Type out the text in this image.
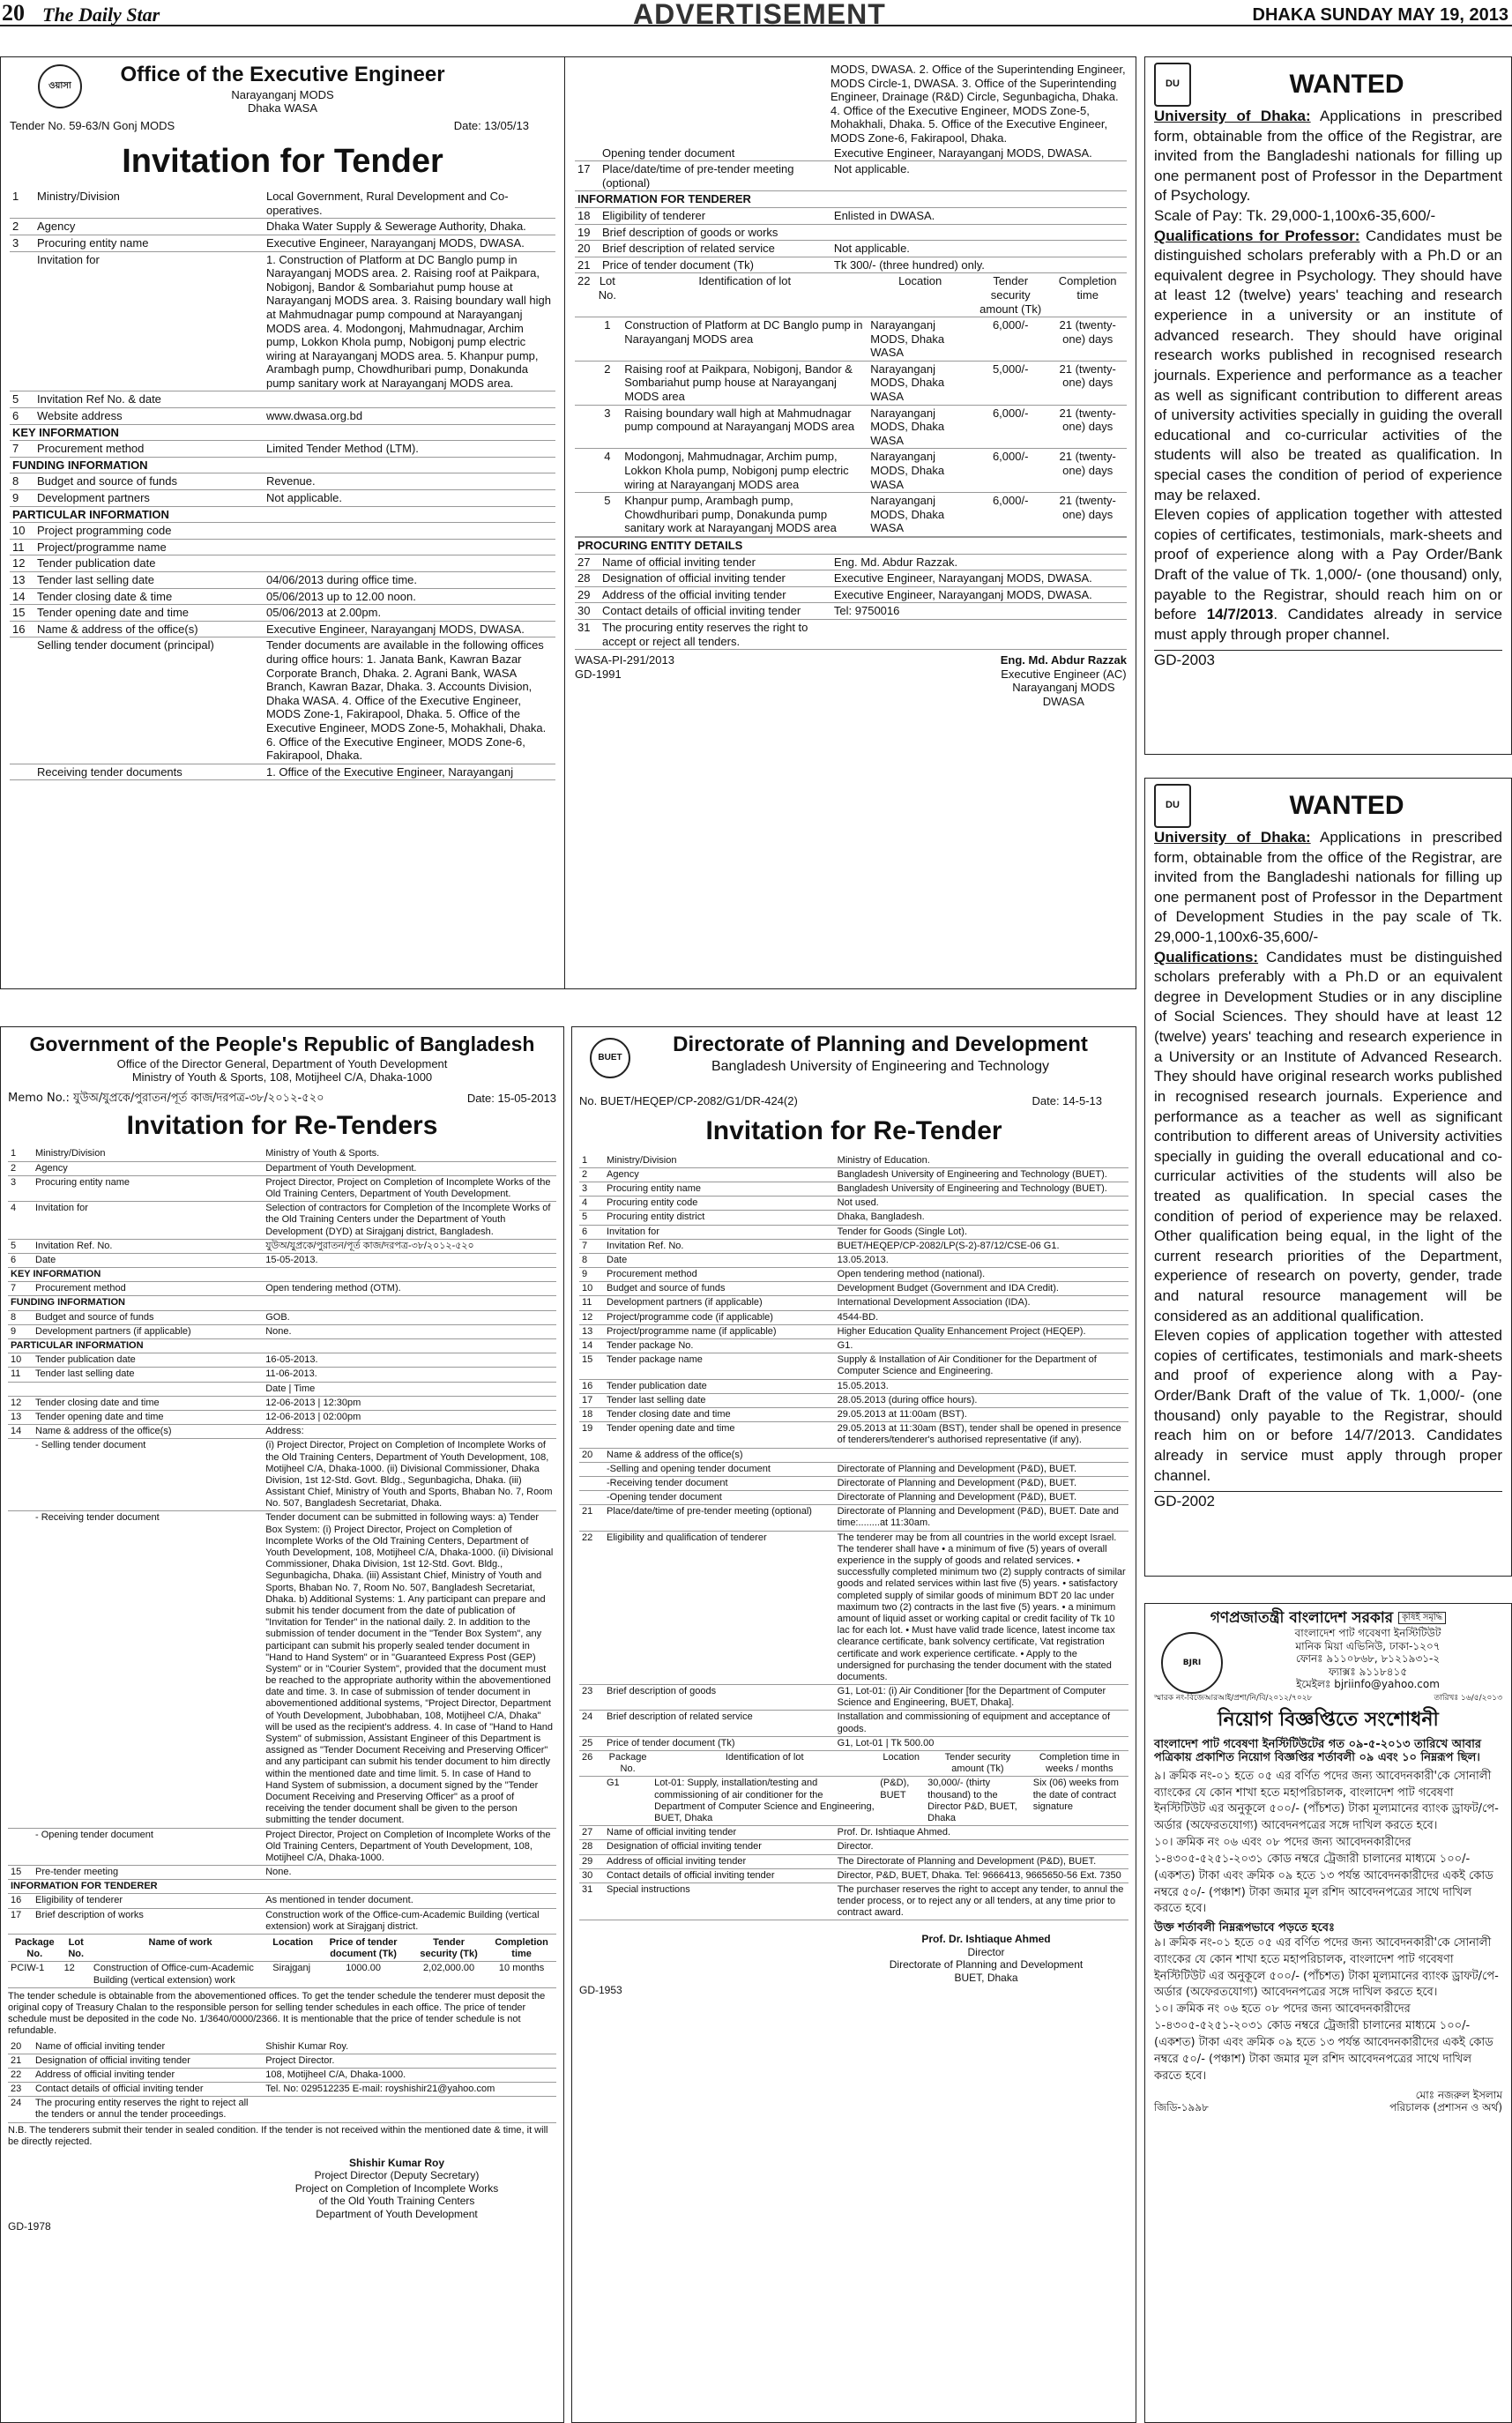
20 The Daily Star	ADVERTISEMENT	DHAKA SUNDAY MAY 19, 2013
ওয়াসা	Office of the Executive Engineer
Narayanganj MODS
Dhaka WASA
Tender No. 59-63/N Gonj MODS	Date: 13/05/13
Invitation for Tender
1	Ministry/Division	Local Government, Rural Development and Co-operatives.
2	Agency	Dhaka Water Supply & Sewerage Authority, Dhaka.
3	Procuring entity name	Executive Engineer, Narayanganj MODS, DWASA.
	Invitation for	1. Construction of Platform at DC Banglo pump in Narayanganj MODS area. 2. Raising roof at Paikpara, Nobigonj, Bandor & Sombariahut pump house at Narayanganj MODS area. 3. Raising boundary wall high at Mahmudnagar pump compound at Narayanganj MODS area. 4. Modongonj, Mahmudnagar, Archim pump, Lokkon Khola pump, Nobigonj pump electric wiring at Narayanganj MODS area. 5. Khanpur pump, Arambagh pump, Chowdhuribari pump, Donakunda pump sanitary work at Narayanganj MODS area.
5	Invitation Ref No. & date	
6	Website address	www.dwasa.org.bd
KEY INFORMATION		
7	Procurement method	Limited Tender Method (LTM).
FUNDING INFORMATION		
8	Budget and source of funds	Revenue.
9	Development partners	Not applicable.
PARTICULAR INFORMATION		
10	Project programming code	
11	Project/programme name	
12	Tender publication date	
13	Tender last selling date	04/06/2013 during office time.
14	Tender closing date & time	05/06/2013 up to 12.00 noon.
15	Tender opening date and time	05/06/2013 at 2.00pm.
16	Name & address of the office(s)	Executive Engineer, Narayanganj MODS, DWASA.
	Selling tender document (principal)	Tender documents are available in the following offices during office hours: 1. Janata Bank, Kawran Bazar Corporate Branch, Dhaka. 2. Agrani Bank, WASA Branch, Kawran Bazar, Dhaka. 3. Accounts Division, Dhaka WASA. 4. Office of the Executive Engineer, MODS Zone-1, Fakirapool, Dhaka. 5. Office of the Executive Engineer, MODS Zone-5, Mohakhali, Dhaka. 6. Office of the Executive Engineer, MODS Zone-6, Fakirapool, Dhaka.
	Receiving tender documents	1. Office of the Executive Engineer, Narayanganj
MODS, DWASA. 2. Office of the Superintending Engineer, MODS Circle-1, DWASA. 3. Office of the Superintending Engineer, Drainage (R&D) Circle, Segunbagicha, Dhaka. 4. Office of the Executive Engineer, MODS Zone-5, Mohakhali, Dhaka. 5. Office of the Executive Engineer, MODS Zone-6, Fakirapool, Dhaka.
	Opening tender document	Executive Engineer, Narayanganj MODS, DWASA.
17	Place/date/time of pre-tender meeting (optional)	Not applicable.
INFORMATION FOR TENDERER
18	Eligibility of tenderer	Enlisted in DWASA.
19	Brief description of goods or works	
20	Brief description of related service	Not applicable.
21	Price of tender document (Tk)	Tk 300/- (three hundred) only.

22	Lot No.	Identification of lot	Location	Tender security amount (Tk)	Completion time
	1	Construction of Platform at DC Banglo pump in Narayanganj MODS area	Narayanganj MODS, Dhaka WASA	6,000/-	21 (twenty-one) days
	2	Raising roof at Paikpara, Nobigonj, Bandor & Sombariahut pump house at Narayanganj MODS area	Narayanganj MODS, Dhaka WASA	5,000/-	21 (twenty-one) days
	3	Raising boundary wall high at Mahmudnagar pump compound at Narayanganj MODS area	Narayanganj MODS, Dhaka WASA	6,000/-	21 (twenty-one) days
	4	Modongonj, Mahmudnagar, Archim pump, Lokkon Khola pump, Nobigonj pump electric wiring at Narayanganj MODS area	Narayanganj MODS, Dhaka WASA	6,000/-	21 (twenty-one) days
	5	Khanpur pump, Arambagh pump, Chowdhuribari pump, Donakunda pump sanitary work at Narayanganj MODS area	Narayanganj MODS, Dhaka WASA	6,000/-	21 (twenty-one) days

PROCURING ENTITY DETAILS
27	Name of official inviting tender	Eng. Md. Abdur Razzak.
28	Designation of official inviting tender	Executive Engineer, Narayanganj MODS, DWASA.
29	Address of the official inviting tender	Executive Engineer, Narayanganj MODS, DWASA.
30	Contact details of official inviting tender	Tel: 9750016
31	The procuring entity reserves the right to accept or reject all tenders.	
WASA-PI-291/2013
GD-1991
Eng. Md. Abdur Razzak
Executive Engineer (AC)
Narayanganj MODS
DWASA
DU	WANTED
University of Dhaka: Applications in prescribed form, obtainable from the office of the Registrar, are invited from the Bangladeshi nationals for filling up one permanent post of Professor in the Department of Psychology.
Scale of Pay: Tk. 29,000-1,100x6-35,600/-
Qualifications for Professor: Candidates must be distinguished scholars preferably with a Ph.D or an equivalent degree in Psychology. They should have at least 12 (twelve) years' teaching and research experience in a university or an institute of advanced research. They should have original research works published in recognised research journals. Experience and performance as a teacher as well as significant contribution to different areas of university activities specially in guiding the overall educational and co-curricular activities of the students will also be treated as qualification. In special cases the condition of period of experience may be relaxed.
Eleven copies of application together with attested copies of certificates, testimonials, mark-sheets and proof of experience along with a Pay Order/Bank Draft of the value of Tk. 1,000/- (one thousand) only, payable to the Registrar, should reach him on or before 14/7/2013. Candidates already in service must apply through proper channel.
GD-2003
DU	WANTED
University of Dhaka: Applications in prescribed form, obtainable from the office of the Registrar, are invited from the Bangladeshi nationals for filling up one permanent post of Professor in the Department of Development Studies in the pay scale of Tk. 29,000-1,100x6-35,600/-
Qualifications: Candidates must be distinguished scholars preferably with a Ph.D or an equivalent degree in Development Studies or in any discipline of Social Sciences. They should have at least 12 (twelve) years' teaching and research experience in a University or an Institute of Advanced Research. They should have original research works published in recognised research journals. Experience and performance as a teacher as well as significant contribution to different areas of University activities specially in guiding the overall educational and co-curricular activities of the students will also be treated as qualification. In special cases the condition of period of experience may be relaxed. Other qualification being equal, in the light of the current research priorities of the Department, experience of research on poverty, gender, trade and natural resource management will be considered as an additional qualification.
Eleven copies of application together with attested copies of certificates, testimonials and mark-sheets and proof of experience along with a Pay-Order/Bank Draft of the value of Tk. 1,000/- (one thousand) only payable to the Registrar, should reach him on or before 14/7/2013. Candidates already in service must apply through proper channel.
GD-2002
Government of the People's Republic of Bangladesh
Office of the Director General, Department of Youth Development
Ministry of Youth & Sports, 108, Motijheel C/A, Dhaka-1000
Memo No.: যুউঅ/যুপ্রকে/পুরাতন/পূর্ত কাজ/দরপত্র-৩৮/২০১২-৫২০	Date: 15-05-2013
Invitation for Re-Tenders
1	Ministry/Division	Ministry of Youth & Sports.
2	Agency	Department of Youth Development.
3	Procuring entity name	Project Director, Project on Completion of Incomplete Works of the Old Training Centers, Department of Youth Development.
4	Invitation for	Selection of contractors for Completion of the Incomplete Works of the Old Training Centers under the Department of Youth Development (DYD) at Sirajganj district, Bangladesh.
5	Invitation Ref. No.	যুউঅ/যুপ্রকে/পুরাতন/পূর্ত কাজ/দরপত্র-৩৮/২০১২-৫২০
6	Date	15-05-2013.
KEY INFORMATION		
7	Procurement method	Open tendering method (OTM).
FUNDING INFORMATION		
8	Budget and source of funds	GOB.
9	Development partners (if applicable)	None.
PARTICULAR INFORMATION		
10	Tender publication date	16-05-2013.
11	Tender last selling date	11-06-2013.
		Date | Time
12	Tender closing date and time	12-06-2013 | 12:30pm
13	Tender opening date and time	12-06-2013 | 02:00pm
14	Name & address of the office(s)	Address:
	- Selling tender document	(i) Project Director, Project on Completion of Incomplete Works of the Old Training Centers, Department of Youth Development, 108, Motijheel C/A, Dhaka-1000. (ii) Divisional Commissioner, Dhaka Division, 1st 12-Std. Govt. Bldg., Segunbagicha, Dhaka. (iii) Assistant Chief, Ministry of Youth and Sports, Bhaban No. 7, Room No. 507, Bangladesh Secretariat, Dhaka.
	- Receiving tender document	Tender document can be submitted in following ways: a) Tender Box System: (i) Project Director, Project on Completion of Incomplete Works of the Old Training Centers, Department of Youth Development, 108, Motijheel C/A, Dhaka-1000. (ii) Divisional Commissioner, Dhaka Division, 1st 12-Std. Govt. Bldg., Segunbagicha, Dhaka. (iii) Assistant Chief, Ministry of Youth and Sports, Bhaban No. 7, Room No. 507, Bangladesh Secretariat, Dhaka. b) Additional Systems: 1. Any participant can prepare and submit his tender document from the date of publication of "Invitation for Tender" in the national daily. 2. In addition to the submission of tender document in the "Tender Box System", any participant can submit his properly sealed tender document in "Hand to Hand System" or in "Guaranteed Express Post (GEP) System" or in "Courier System", provided that the document must be reached to the appropriate authority within the abovementioned date and time. 3. In case of submission of tender document in abovementioned additional systems, "Project Director, Department of Youth Development, Jubobhaban, 108, Motijheel C/A, Dhaka" will be used as the recipient's address. 4. In case of "Hand to Hand System" of submission, Assistant Engineer of this Department is assigned as "Tender Document Receiving and Preserving Officer" and any participant can submit his tender document to him directly within the mentioned date and time limit. 5. In case of Hand to Hand System of submission, a document signed by the "Tender Document Receiving and Preserving Officer" as a proof of receiving the tender document shall be given to the person submitting the tender document.
	- Opening tender document	Project Director, Project on Completion of Incomplete Works of the Old Training Centers, Department of Youth Development, 108, Motijheel C/A, Dhaka-1000.
15	Pre-tender meeting	None.
INFORMATION FOR TENDERER		
16	Eligibility of tenderer	As mentioned in tender document.
17	Brief description of works	Construction work of the Office-cum-Academic Building (vertical extension) work at Sirajganj district.
Package No.	Lot No.	Name of work	Location	Price of tender document (Tk)	Tender security (Tk)	Completion time
PCIW-1	12	Construction of Office-cum-Academic Building (vertical extension) work	Sirajganj	1000.00	2,02,000.00	10 months
The tender schedule is obtainable from the abovementioned offices. To get the tender schedule the tenderer must deposit the original copy of Treasury Chalan to the responsible person for selling tender schedules in each office. The price of tender schedule must be deposited in the code No. 1/3640/0000/2366. It is mentionable that the price of tender schedule is not refundable.
20	Name of official inviting tender	Shishir Kumar Roy.
21	Designation of official inviting tender	Project Director.
22	Address of official inviting tender	108, Motijheel C/A, Dhaka-1000.
23	Contact details of official inviting tender	Tel. No: 029512235 E-mail: royshishir21@yahoo.com
24	The procuring entity reserves the right to reject all the tenders or annul the tender proceedings.	
N.B. The tenderers submit their tender in sealed condition. If the tender is not received within the mentioned date & time, it will be directly rejected.
Shishir Kumar Roy
Project Director (Deputy Secretary)
Project on Completion of Incomplete Works
of the Old Youth Training Centers
Department of Youth Development
GD-1978
BUET
Directorate of Planning and Development
Bangladesh University of Engineering and Technology
No. BUET/HEQEP/CP-2082/G1/DR-424(2)	Date: 14-5-13
Invitation for Re-Tender
1	Ministry/Division	Ministry of Education.
2	Agency	Bangladesh University of Engineering and Technology (BUET).
3	Procuring entity name	Bangladesh University of Engineering and Technology (BUET).
4	Procuring entity code	Not used.
5	Procuring entity district	Dhaka, Bangladesh.
6	Invitation for	Tender for Goods (Single Lot).
7	Invitation Ref. No.	BUET/HEQEP/CP-2082/LP(S-2)-87/12/CSE-06 G1.
8	Date	13.05.2013.
9	Procurement method	Open tendering method (national).
10	Budget and source of funds	Development Budget (Government and IDA Credit).
11	Development partners (if applicable)	International Development Association (IDA).
12	Project/programme code (if applicable)	4544-BD.
13	Project/programme name (if applicable)	Higher Education Quality Enhancement Project (HEQEP).
14	Tender package No.	G1.
15	Tender package name	Supply & Installation of Air Conditioner for the Department of Computer Science and Engineering.
16	Tender publication date	15.05.2013.
17	Tender last selling date	28.05.2013 (during office hours).
18	Tender closing date and time	29.05.2013 at 11:00am (BST).
19	Tender opening date and time	29.05.2013 at 11:30am (BST), tender shall be opened in presence of tenderers/tenderer's authorised representative (if any).
20	Name & address of the office(s)	
	-Selling and opening tender document	Directorate of Planning and Development (P&D), BUET.
	-Receiving tender document	Directorate of Planning and Development (P&D), BUET.
	-Opening tender document	Directorate of Planning and Development (P&D), BUET.
21	Place/date/time of pre-tender meeting (optional)	Directorate of Planning and Development (P&D), BUET. Date and time:........at 11:30am.
22	Eligibility and qualification of tenderer	The tenderer may be from all countries in the world except Israel. The tenderer shall have • a minimum of five (5) years of overall experience in the supply of goods and related services. • successfully completed minimum two (2) supply contracts of similar goods and related services within last five (5) years. • satisfactory completed supply of similar goods of minimum BDT 20 lac under maximum two (2) contracts in the last five (5) years. • a minimum amount of liquid asset or working capital or credit facility of Tk 10 lac for each lot. • Must have valid trade licence, latest income tax clearance certificate, bank solvency certificate, Vat registration certificate and work experience certificate. • Apply to the undersigned for purchasing the tender document with the stated documents.
23	Brief description of goods	G1, Lot-01: (i) Air Conditioner [for the Department of Computer Science and Engineering, BUET, Dhaka].
24	Brief description of related service	Installation and commissioning of equipment and acceptance of goods.
25	Price of tender document (Tk)	G1, Lot-01 | Tk 500.00
26	Package No.	Identification of lot	Location	Tender security amount (Tk)	Completion time in weeks / months
	G1	Lot-01: Supply, installation/testing and commissioning of air conditioner for the Department of Computer Science and Engineering, BUET, Dhaka	(P&D), BUET	30,000/- (thirty thousand) to the Director P&D, BUET, Dhaka	Six (06) weeks from the date of contract signature
27	Name of official inviting tender	Prof. Dr. Ishtiaque Ahmed.
28	Designation of official inviting tender	Director.
29	Address of official inviting tender	The Directorate of Planning and Development (P&D), BUET.
30	Contact details of official inviting tender	Director, P&D, BUET, Dhaka. Tel: 9666413, 9665650-56 Ext. 7350
31	Special instructions	The purchaser reserves the right to accept any tender, to annul the tender process, or to reject any or all tenders, at any time prior to contract award.
Prof. Dr. Ishtiaque Ahmed
Director
Directorate of Planning and Development
BUET, Dhaka
GD-1953
গণপ্রজাতন্ত্রী বাংলাদেশ সরকার	কৃষিই সমৃদ্ধি
BJRI
বাংলাদেশ পাট গবেষণা ইনস্টিটিউট
মানিক মিয়া এভিনিউ, ঢাকা-১২০৭
ফোনঃ ৯১১০৮৬৮, ৮১২১৯৩১-২
ফ্যাক্সঃ ৯১১৮৪১৫
ইমেইলঃ bjriinfo@yahoo.com
স্মারক নং-বিজেআরআই/প্রশা/নি/বি/২০১২/৭০২৮	তারিখঃ ১৬/৫/২০১৩
নিয়োগ বিজ্ঞপ্তিতে সংশোধনী
বাংলাদেশ পাট গবেষণা ইনস্টিটিউটের গত ০৯-৫-২০১৩ তারিখে আবার পত্রিকায় প্রকাশিত নিয়োগ বিজ্ঞপ্তির শর্তাবলী ০৯ এবং ১০ নিম্নরূপ ছিল।
৯। ক্রমিক নং-০১ হতে ০৫ এর বর্ণিত পদের জন্য আবেদনকারী'কে সোনালী ব্যাংকের যে কোন শাখা হতে মহাপরিচালক, বাংলাদেশ পাট গবেষণা ইনস্টিটিউট এর অনুকূলে ৫০০/- (পাঁচশত) টাকা মূল্যমানের ব্যাংক ড্রাফট/পে-অর্ডার (অফেরতযোগ্য) আবেদনপত্রের সঙ্গে দাখিল করতে হবে।
১০। ক্রমিক নং ০৬ এবং ০৮ পদের জন্য আবেদনকারীদের ১-৪৩০৫-৫২৫১-২০৩১ কোড নম্বরে ট্রেজারী চালানের মাধ্যমে ১০০/- (একশত) টাকা এবং ক্রমিক ০৯ হতে ১৩ পর্যন্ত আবেদনকারীদের একই কোড নম্বরে ৫০/- (পঞ্চাশ) টাকা জমার মূল রশিদ আবেদনপত্রের সাথে দাখিল করতে হবে।
উক্ত শর্তাবলী নিম্নরূপভাবে পড়তে হবেঃ
৯। ক্রমিক নং-০১ হতে ০৫ এর বর্ণিত পদের জন্য আবেদনকারী'কে সোনালী ব্যাংকের যে কোন শাখা হতে মহাপরিচালক, বাংলাদেশ পাট গবেষণা ইনস্টিটিউট এর অনুকূলে ৫০০/- (পাঁচশত) টাকা মূল্যমানের ব্যাংক ড্রাফট/পে-অর্ডার (অফেরতযোগ্য) আবেদনপত্রের সঙ্গে দাখিল করতে হবে।
১০। ক্রমিক নং ০৬ হতে ০৮ পদের জন্য আবেদনকারীদের ১-৪৩০৫-৫২৫১-২০৩১ কোড নম্বরে ট্রেজারী চালানের মাধ্যমে ১০০/- (একশত) টাকা এবং ক্রমিক ০৯ হতে ১৩ পর্যন্ত আবেদনকারীদের একই কোড নম্বরে ৫০/- (পঞ্চাশ) টাকা জমার মূল রশিদ আবেদনপত্রের সাথে দাখিল করতে হবে।
মোঃ নজরুল ইসলাম
জিডি-১৯৯৮	পরিচালক (প্রশাসন ও অর্থ)
